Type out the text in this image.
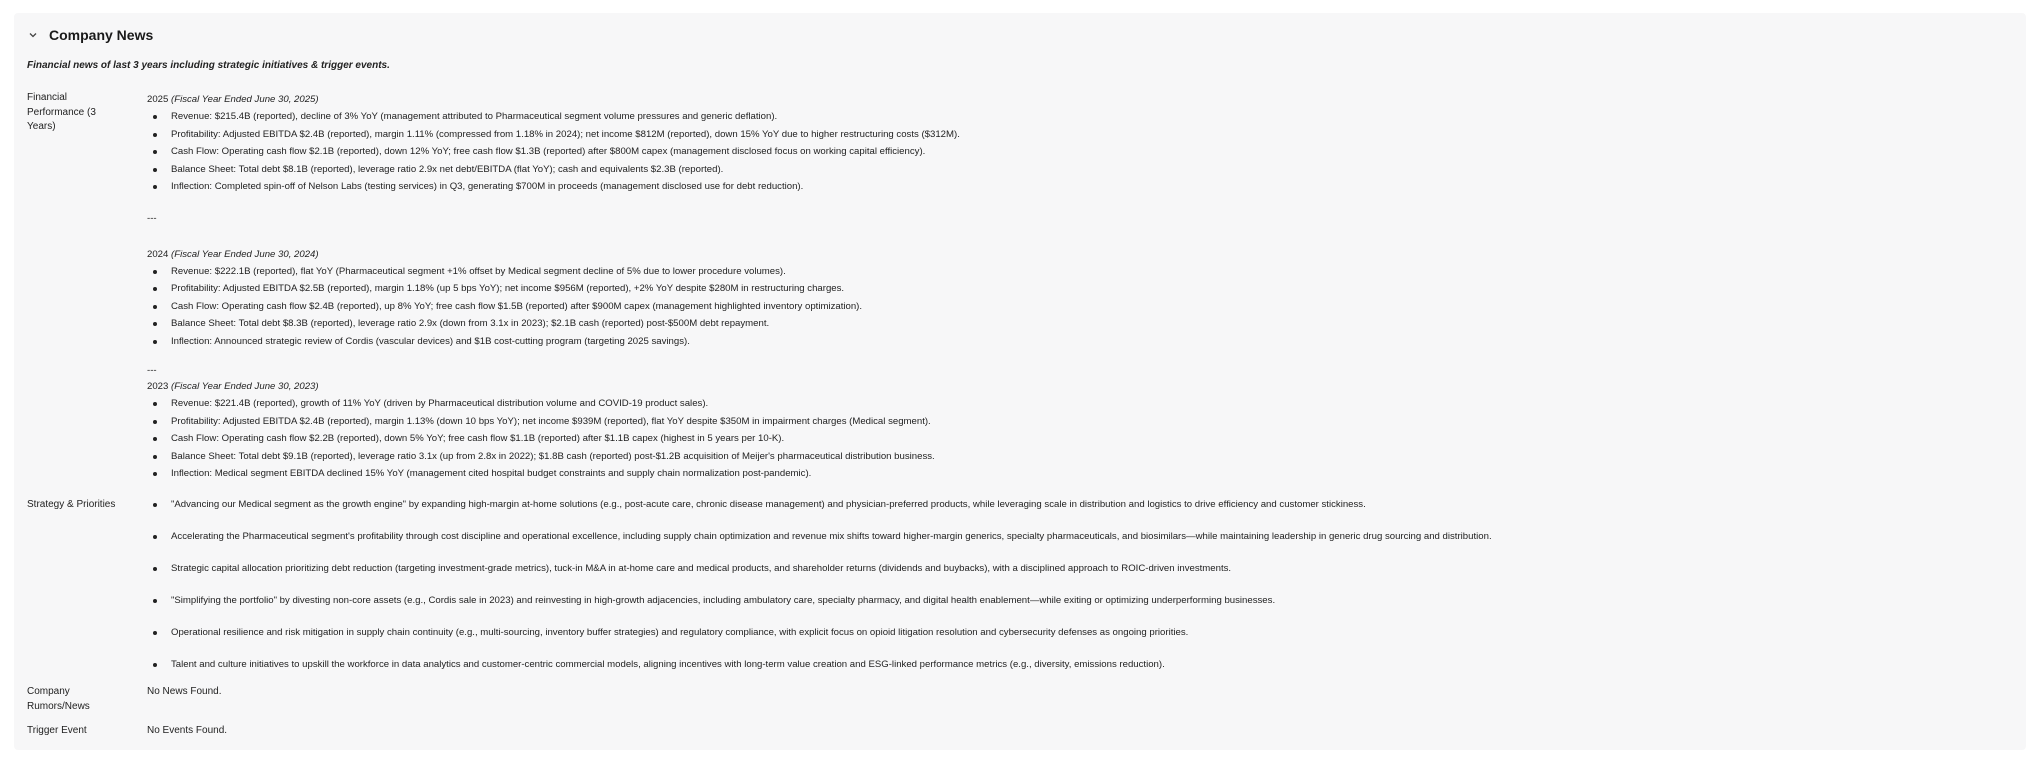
Company News
Financial news of last 3 years including strategic initiatives & trigger events.
Financial Performance (3 Years)
2025 (Fiscal Year Ended June 30, 2025)
Revenue: $215.4B (reported), decline of 3% YoY (management attributed to Pharmaceutical segment volume pressures and generic deflation).
Profitability: Adjusted EBITDA $2.4B (reported), margin 1.11% (compressed from 1.18% in 2024); net income $812M (reported), down 15% YoY due to higher restructuring costs ($312M).
Cash Flow: Operating cash flow $2.1B (reported), down 12% YoY; free cash flow $1.3B (reported) after $800M capex (management disclosed focus on working capital efficiency).
Balance Sheet: Total debt $8.1B (reported), leverage ratio 2.9x net debt/EBITDA (flat YoY); cash and equivalents $2.3B (reported).
Inflection: Completed spin-off of Nelson Labs (testing services) in Q3, generating $700M in proceeds (management disclosed use for debt reduction).
---
2024 (Fiscal Year Ended June 30, 2024)
Revenue: $222.1B (reported), flat YoY (Pharmaceutical segment +1% offset by Medical segment decline of 5% due to lower procedure volumes).
Profitability: Adjusted EBITDA $2.5B (reported), margin 1.18% (up 5 bps YoY); net income $956M (reported), +2% YoY despite $280M in restructuring charges.
Cash Flow: Operating cash flow $2.4B (reported), up 8% YoY; free cash flow $1.5B (reported) after $900M capex (management highlighted inventory optimization).
Balance Sheet: Total debt $8.3B (reported), leverage ratio 2.9x (down from 3.1x in 2023); $2.1B cash (reported) post-$500M debt repayment.
Inflection: Announced strategic review of Cordis (vascular devices) and $1B cost-cutting program (targeting 2025 savings).
---
2023 (Fiscal Year Ended June 30, 2023)
Revenue: $221.4B (reported), growth of 11% YoY (driven by Pharmaceutical distribution volume and COVID-19 product sales).
Profitability: Adjusted EBITDA $2.4B (reported), margin 1.13% (down 10 bps YoY); net income $939M (reported), flat YoY despite $350M in impairment charges (Medical segment).
Cash Flow: Operating cash flow $2.2B (reported), down 5% YoY; free cash flow $1.1B (reported) after $1.1B capex (highest in 5 years per 10-K).
Balance Sheet: Total debt $9.1B (reported), leverage ratio 3.1x (up from 2.8x in 2022); $1.8B cash (reported) post-$1.2B acquisition of Meijer's pharmaceutical distribution business.
Inflection: Medical segment EBITDA declined 15% YoY (management cited hospital budget constraints and supply chain normalization post-pandemic).
Strategy & Priorities	"Advancing our Medical segment as the growth engine" by expanding high-margin at-home solutions (e.g., post-acute care, chronic disease management) and physician-preferred products, while leveraging scale in distribution and logistics to drive efficiency and customer stickiness.
Accelerating the Pharmaceutical segment's profitability through cost discipline and operational excellence, including supply chain optimization and revenue mix shifts toward higher-margin generics, specialty pharmaceuticals, and biosimilars—while maintaining leadership in generic drug sourcing and distribution.
Strategic capital allocation prioritizing debt reduction (targeting investment-grade metrics), tuck-in M&A in at-home care and medical products, and shareholder returns (dividends and buybacks), with a disciplined approach to ROIC-driven investments.
"Simplifying the portfolio" by divesting non-core assets (e.g., Cordis sale in 2023) and reinvesting in high-growth adjacencies, including ambulatory care, specialty pharmacy, and digital health enablement—while exiting or optimizing underperforming businesses.
Operational resilience and risk mitigation in supply chain continuity (e.g., multi-sourcing, inventory buffer strategies) and regulatory compliance, with explicit focus on opioid litigation resolution and cybersecurity defenses as ongoing priorities.
Talent and culture initiatives to upskill the workforce in data analytics and customer-centric commercial models, aligning incentives with long-term value creation and ESG-linked performance metrics (e.g., diversity, emissions reduction).
Company Rumors/News
No News Found.
Trigger Event	No Events Found.
